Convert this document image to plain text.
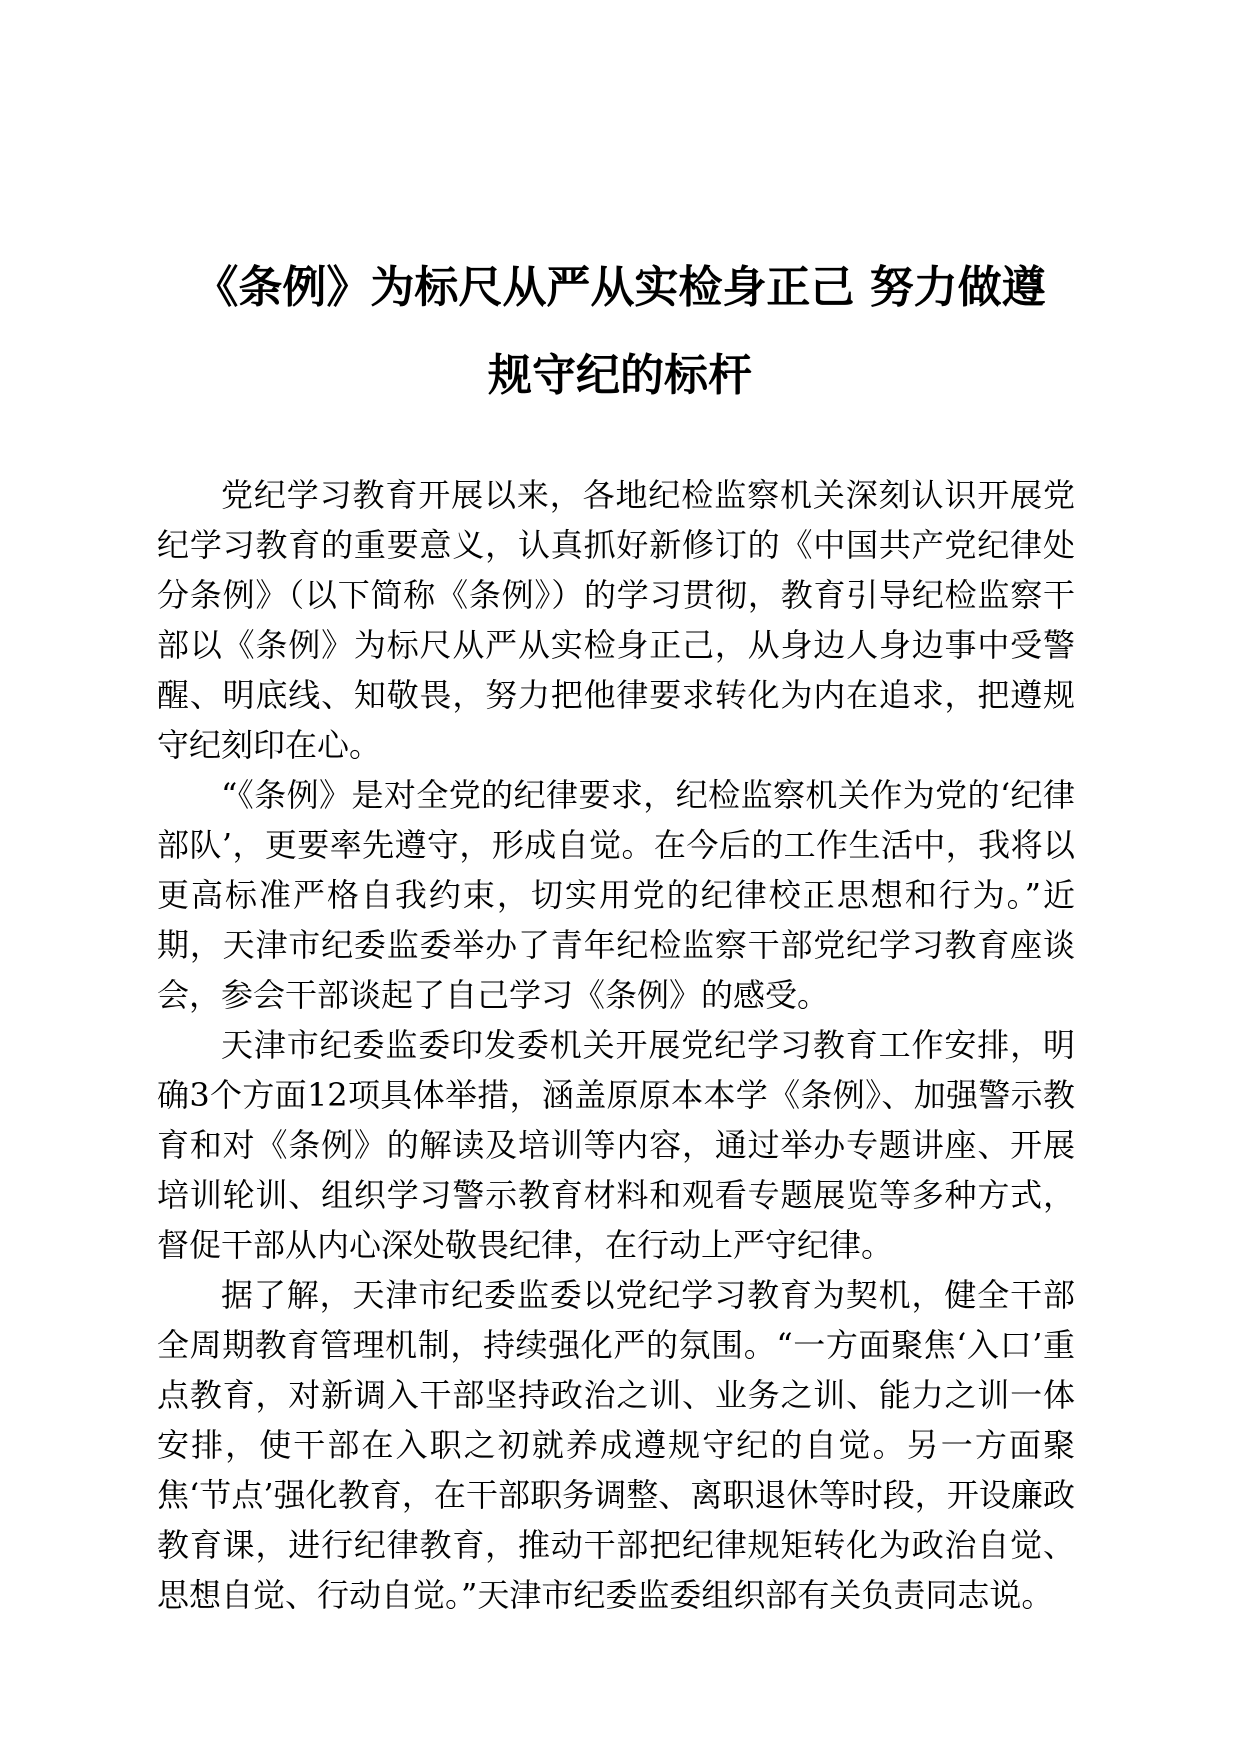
《条例》为标尺从严从实检身正己 努力做遵
规守纪的标杆

党纪学习教育开展以来，各地纪检监察机关深刻认识开展党纪学习教育的重要意义，认真抓好新修订的《中国共产党纪律处分条例》（以下简称《条例》）的学习贯彻，教育引导纪检监察干部以《条例》为标尺从严从实检身正己，从身边人身边事中受警醒、明底线、知敬畏，努力把他律要求转化为内在追求，把遵规守纪刻印在心。

“《条例》是对全党的纪律要求，纪检监察机关作为党的‘纪律部队’，更要率先遵守，形成自觉。在今后的工作生活中，我将以更高标准严格自我约束，切实用党的纪律校正思想和行为。”近期，天津市纪委监委举办了青年纪检监察干部党纪学习教育座谈会，参会干部谈起了自己学习《条例》的感受。

天津市纪委监委印发委机关开展党纪学习教育工作安排，明确3个方面12项具体举措，涵盖原原本本学《条例》、加强警示教育和对《条例》的解读及培训等内容，通过举办专题讲座、开展培训轮训、组织学习警示教育材料和观看专题展览等多种方式，督促干部从内心深处敬畏纪律，在行动上严守纪律。

据了解，天津市纪委监委以党纪学习教育为契机，健全干部全周期教育管理机制，持续强化严的氛围。“一方面聚焦‘入口’重点教育，对新调入干部坚持政治之训、业务之训、能力之训一体安排，使干部在入职之初就养成遵规守纪的自觉。另一方面聚焦‘节点’强化教育，在干部职务调整、离职退休等时段，开设廉政教育课，进行纪律教育，推动干部把纪律规矩转化为政治自觉、思想自觉、行动自觉。”天津市纪委监委组织部有关负责同志说。
